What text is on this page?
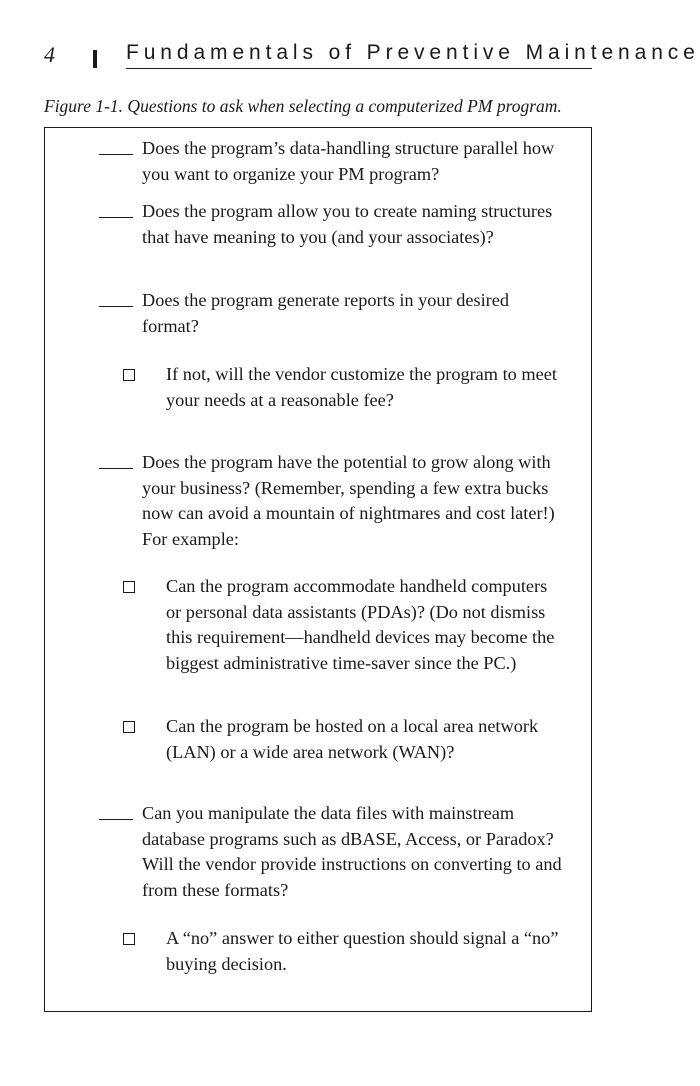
4	Fundamentals of Preventive Maintenance
Figure 1-1. Questions to ask when selecting a computerized PM program.
Does the program’s data-handling structure parallel how you want to organize your PM program?
Does the program allow you to create naming structures that have meaning to you (and your associates)?
Does the program generate reports in your desired format?
If not, will the vendor customize the program to meet your needs at a reasonable fee?
Does the program have the potential to grow along with your business? (Remember, spending a few extra bucks now can avoid a mountain of nightmares and cost later!) For example:
Can the program accommodate handheld computers or personal data assistants (PDAs)? (Do not dismiss this requirement—handheld devices may become the biggest administrative time-saver since the PC.)
Can the program be hosted on a local area network (LAN) or a wide area network (WAN)?
Can you manipulate the data files with mainstream database programs such as dBASE, Access, or Paradox? Will the vendor provide instructions on converting to and from these formats?
A “no” answer to either question should signal a “no” buying decision.
